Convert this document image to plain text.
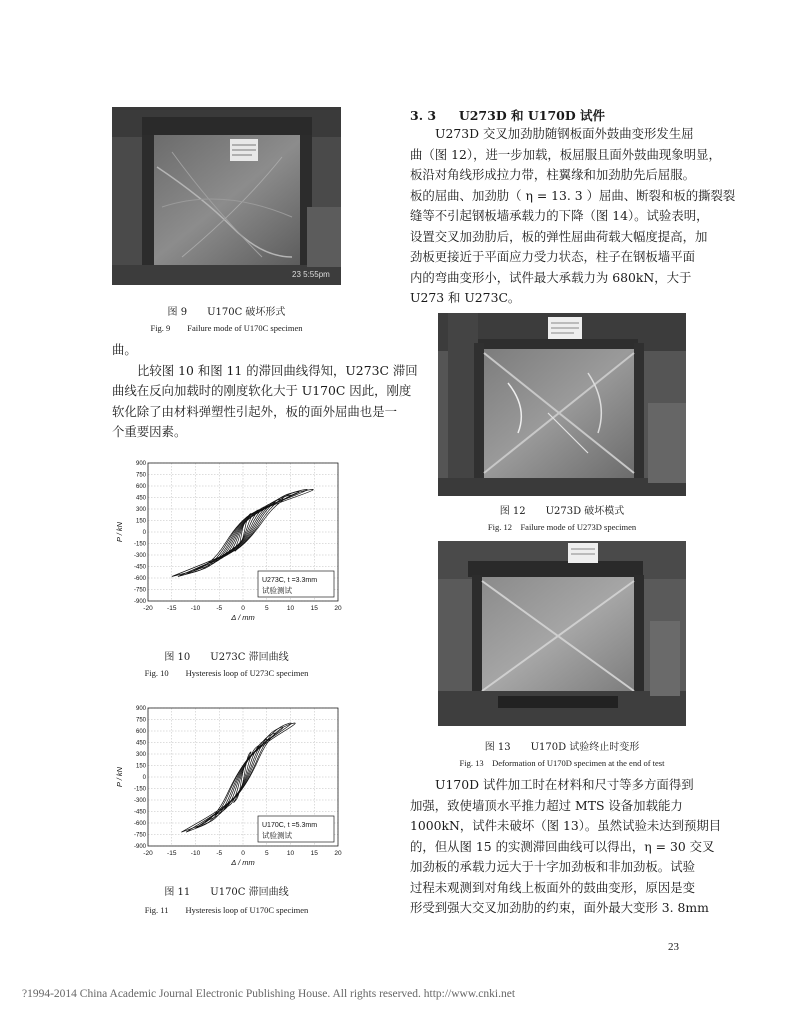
23 5:55pm
图 9　　U170C 破坏形式
Fig. 9　　Failure mode of U170C specimen
曲。
比较图 10 和图 11 的滞回曲线得知，U273C 滞回
曲线在反向加载时的刚度软化大于 U170C 因此，刚度
软化除了由材料弹塑性引起外，板的面外屈曲也是一
个重要因素。
-20 -15 -10 -5	0	5	10	15	20
900
750
600
450
300
150
0
-150
-300
-450
-600
-750
-900
Δ / mm
P / kN
U273C, t =3.3mm
试验测试
图 10　　U273C 滞回曲线
Fig. 10　　Hysteresis loop of U273C specimen
-20 -15 -10 -5	0	5	10	15	20
900
750
600
450
300
150
0
-150
-300
-450
-600
-750
-900
Δ / mm
P / kN
U170C, t =5.3mm
试验测试
图 11　　U170C 滞回曲线
Fig. 11　　Hysteresis loop of U170C specimen
3. 3 U273D 和 U170D 试件
U273D 交叉加劲肋随钢板面外鼓曲变形发生屈
曲（图 12），进一步加载，板屈服且面外鼓曲现象明显，
板沿对角线形成拉力带，柱翼缘和加劲肋先后屈服。
板的屈曲、加劲肋（ η = 13. 3 ）屈曲、断裂和板的撕裂裂
缝等不引起钢板墙承载力的下降（图 14）。试验表明，
设置交叉加劲肋后，板的弹性屈曲荷载大幅度提高，加
劲板更接近于平面应力受力状态，柱子在钢板墙平面
内的弯曲变形小，试件最大承载力为 680kN，大于
U273 和 U273C。
图 12　　U273D 破坏模式
Fig. 12　Failure mode of U273D specimen
图 13　　U170D 试验终止时变形
Fig. 13　Deformation of U170D specimen at the end of test
U170D 试件加工时在材料和尺寸等多方面得到
加强，致使墙顶水平推力超过 MTS 设备加载能力
1000kN，试件未破坏（图 13）。虽然试验未达到预期目
的，但从图 15 的实测滞回曲线可以得出，η = 30 交叉
加劲板的承载力远大于十字加劲板和非加劲板。试验
过程未观测到对角线上板面外的鼓曲变形，原因是变
形受到强大交叉加劲肋的约束，面外最大变形 3. 8mm
23
?1994-2014 China Academic Journal Electronic Publishing House. All rights reserved. http://www.cnki.net
